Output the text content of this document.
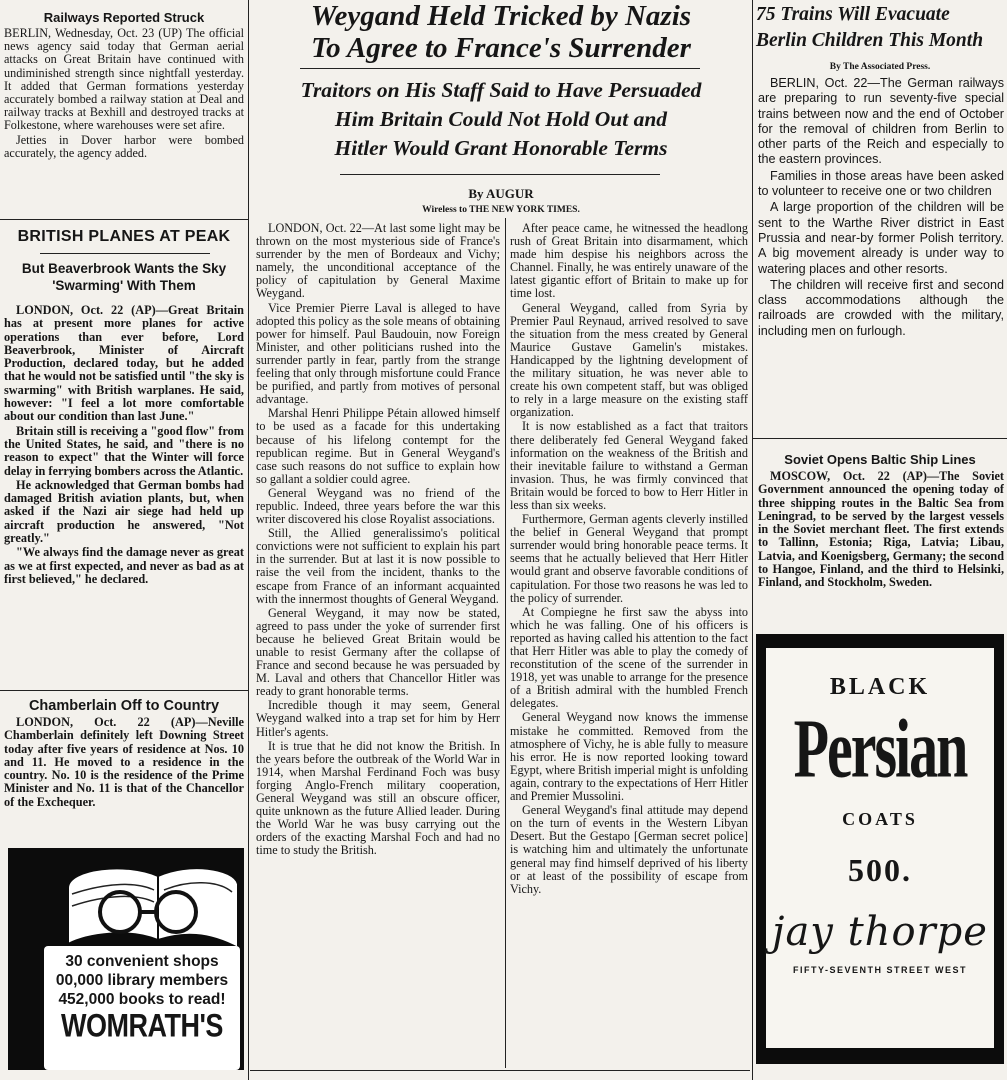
Railways Reported Struck

BERLIN, Wednesday, Oct. 23 (UP) The official news agency said today that German aerial attacks on Great Britain have continued with undiminished strength since nightfall yesterday. It added that German formations yesterday accurately bombed a railway station at Deal and railway tracks at Bexhill and destroyed tracks at Folkestone, where warehouses were set afire.

Jetties in Dover harbor were bombed accurately, the agency added.

BRITISH PLANES AT PEAK
But Beaverbrook Wants the Sky 'Swarming' With Them

LONDON, Oct. 22 (AP)—Great Britain has at present more planes for active operations than ever before, Lord Beaverbrook, Minister of Aircraft Production, declared today, but he added that he would not be satisfied until "the sky is swarming" with British warplanes. He said, however: "I feel a lot more comfortable about our condition than last June."

Britain still is receiving a "good flow" from the United States, he said, and "there is no reason to expect" that the Winter will force delay in ferrying bombers across the Atlantic.

He acknowledged that German bombs had damaged British aviation plants, but, when asked if the Nazi air siege had held up aircraft production he answered, "Not greatly."

"We always find the damage never as great as we at first expected, and never as bad as at first believed," he declared.

Chamberlain Off to Country

LONDON, Oct. 22 (AP)—Neville Chamberlain definitely left Downing Street today after five years of residence at Nos. 10 and 11. He moved to a residence in the country. No. 10 is the residence of the Prime Minister and No. 11 is that of the Chancellor of the Exchequer.

30 convenient shops
00,000 library members
452,000 books to read!
WOMRATH'S
Weygand Held Tricked by Nazis
To Agree to France's Surrender
Traitors on His Staff Said to Have Persuaded
Him Britain Could Not Hold Out and
Hitler Would Grant Honorable Terms
By AUGUR
Wireless to THE NEW YORK TIMES.

LONDON, Oct. 22—At last some light may be thrown on the most mysterious side of France's surrender by the men of Bordeaux and Vichy; namely, the unconditional acceptance of the policy of capitulation by General Maxime Weygand.

Vice Premier Pierre Laval is alleged to have adopted this policy as the sole means of obtaining power for himself. Paul Baudouin, now Foreign Minister, and other politicians rushed into the surrender partly in fear, partly from the strange feeling that only through misfortune could France be purified, and partly from motives of personal advantage.

Marshal Henri Philippe Pétain allowed himself to be used as a facade for this undertaking because of his lifelong contempt for the republican regime. But in General Weygand's case such reasons do not suffice to explain how so gallant a soldier could agree.

General Weygand was no friend of the republic. Indeed, three years before the war this writer discovered his close Royalist associations.

Still, the Allied generalissimo's political convictions were not sufficient to explain his part in the surrender. But at last it is now possible to raise the veil from the incident, thanks to the escape from France of an informant acquainted with the innermost thoughts of General Weygand.

General Weygand, it may now be stated, agreed to pass under the yoke of surrender first because he believed Great Britain would be unable to resist Germany after the collapse of France and second because he was persuaded by M. Laval and others that Chancellor Hitler was ready to grant honorable terms.

Incredible though it may seem, General Weygand walked into a trap set for him by Herr Hitler's agents.

It is true that he did not know the British. In the years before the outbreak of the World War in 1914, when Marshal Ferdinand Foch was busy forging Anglo-French military cooperation, General Weygand was still an obscure officer, quite unknown as the future Allied leader. During the World War he was busy carrying out the orders of the exacting Marshal Foch and had no time to study the British.

After peace came, he witnessed the headlong rush of Great Britain into disarmament, which made him despise his neighbors across the Channel. Finally, he was entirely unaware of the latest gigantic effort of Britain to make up for time lost.

General Weygand, called from Syria by Premier Paul Reynaud, arrived resolved to save the situation from the mess created by General Maurice Gustave Gamelin's mistakes. Handicapped by the lightning development of the military situation, he was never able to create his own competent staff, but was obliged to rely in a large measure on the existing staff organization.

It is now established as a fact that traitors there deliberately fed General Weygand faked information on the weakness of the British and their inevitable failure to withstand a German invasion. Thus, he was firmly convinced that Britain would be forced to bow to Herr Hitler in less than six weeks.

Furthermore, German agents cleverly instilled the belief in General Weygand that prompt surrender would bring honorable peace terms. It seems that he actually believed that Herr Hitler would grant and observe favorable conditions of capitulation. For those two reasons he was led to the policy of surrender.

At Compiegne he first saw the abyss into which he was falling. One of his officers is reported as having called his attention to the fact that Herr Hitler was able to play the comedy of reconstitution of the scene of the surrender in 1918, yet was unable to arrange for the presence of a British admiral with the humbled French delegates.

General Weygand now knows the immense mistake he committed. Removed from the atmosphere of Vichy, he is able fully to measure his error. He is now reported looking toward Egypt, where British imperial might is unfolding again, contrary to the expectations of Herr Hitler and Premier Mussolini.

General Weygand's final attitude may depend on the turn of events in the Western Libyan Desert. But the Gestapo [German secret police] is watching him and ultimately the unfortunate general may find himself deprived of his liberty or at least of the possibility of escape from Vichy.

75 Trains Will Evacuate
Berlin Children This Month
By The Associated Press.

BERLIN, Oct. 22—The German railways are preparing to run seventy-five special trains between now and the end of October for the removal of children from Berlin to other parts of the Reich and especially to the eastern provinces.

Families in those areas have been asked to volunteer to receive one or two children

A large proportion of the children will be sent to the Warthe River district in East Prussia and near-by former Polish territory. A big movement already is under way to watering places and other resorts.

The children will receive first and second class accommodations although the railroads are crowded with the military, including men on furlough.

Soviet Opens Baltic Ship Lines

MOSCOW, Oct. 22 (AP)—The Soviet Government announced the opening today of three shipping routes in the Baltic Sea from Leningrad, to be served by the largest vessels in the Soviet merchant fleet. The first extends to Tallinn, Estonia; Riga, Latvia; Libau, Latvia, and Koenigsberg, Germany; the second to Hangoe, Finland, and the third to Helsinki, Finland, and Stockholm, Sweden.

BLACK
Persian
COATS
500.
jay thorpe
FIFTY-SEVENTH STREET WEST
